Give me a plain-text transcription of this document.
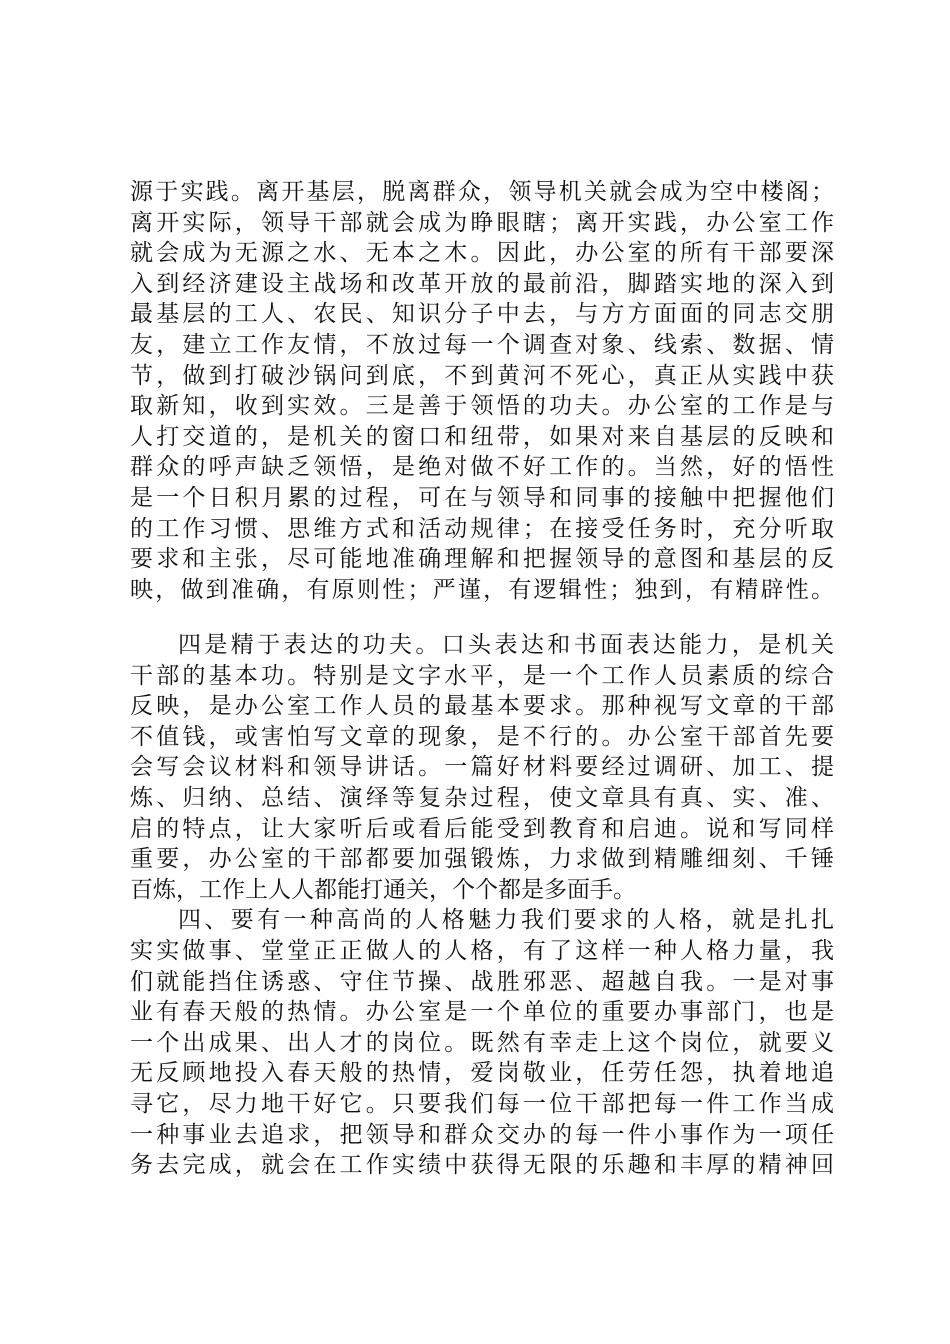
源于实践。离开基层，脱离群众，领导机关就会成为空中楼阁；
离开实际，领导干部就会成为睁眼瞎；离开实践，办公室工作
就会成为无源之水、无本之木。因此，办公室的所有干部要深
入到经济建设主战场和改革开放的最前沿，脚踏实地的深入到
最基层的工人、农民、知识分子中去，与方方面面的同志交朋
友，建立工作友情，不放过每一个调查对象、线索、数据、情
节，做到打破沙锅问到底，不到黄河不死心，真正从实践中获
取新知，收到实效。三是善于领悟的功夫。办公室的工作是与
人打交道的，是机关的窗口和纽带，如果对来自基层的反映和
群众的呼声缺乏领悟，是绝对做不好工作的。当然，好的悟性
是一个日积月累的过程，可在与领导和同事的接触中把握他们
的工作习惯、思维方式和活动规律；在接受任务时，充分听取
要求和主张，尽可能地准确理解和把握领导的意图和基层的反
映，做到准确，有原则性；严谨，有逻辑性；独到，有精辟性。
四是精于表达的功夫。口头表达和书面表达能力，是机关
干部的基本功。特别是文字水平，是一个工作人员素质的综合
反映，是办公室工作人员的最基本要求。那种视写文章的干部
不值钱，或害怕写文章的现象，是不行的。办公室干部首先要
会写会议材料和领导讲话。一篇好材料要经过调研、加工、提
炼、归纳、总结、演绎等复杂过程，使文章具有真、实、准、
启的特点，让大家听后或看后能受到教育和启迪。说和写同样
重要，办公室的干部都要加强锻炼，力求做到精雕细刻、千锤
百炼，工作上人人都能打通关，个个都是多面手。
四、要有一种高尚的人格魅力我们要求的人格，就是扎扎
实实做事、堂堂正正做人的人格，有了这样一种人格力量，我
们就能挡住诱惑、守住节操、战胜邪恶、超越自我。一是对事
业有春天般的热情。办公室是一个单位的重要办事部门，也是
一个出成果、出人才的岗位。既然有幸走上这个岗位，就要义
无反顾地投入春天般的热情，爱岗敬业，任劳任怨，执着地追
寻它，尽力地干好它。只要我们每一位干部把每一件工作当成
一种事业去追求，把领导和群众交办的每一件小事作为一项任
务去完成，就会在工作实绩中获得无限的乐趣和丰厚的精神回
